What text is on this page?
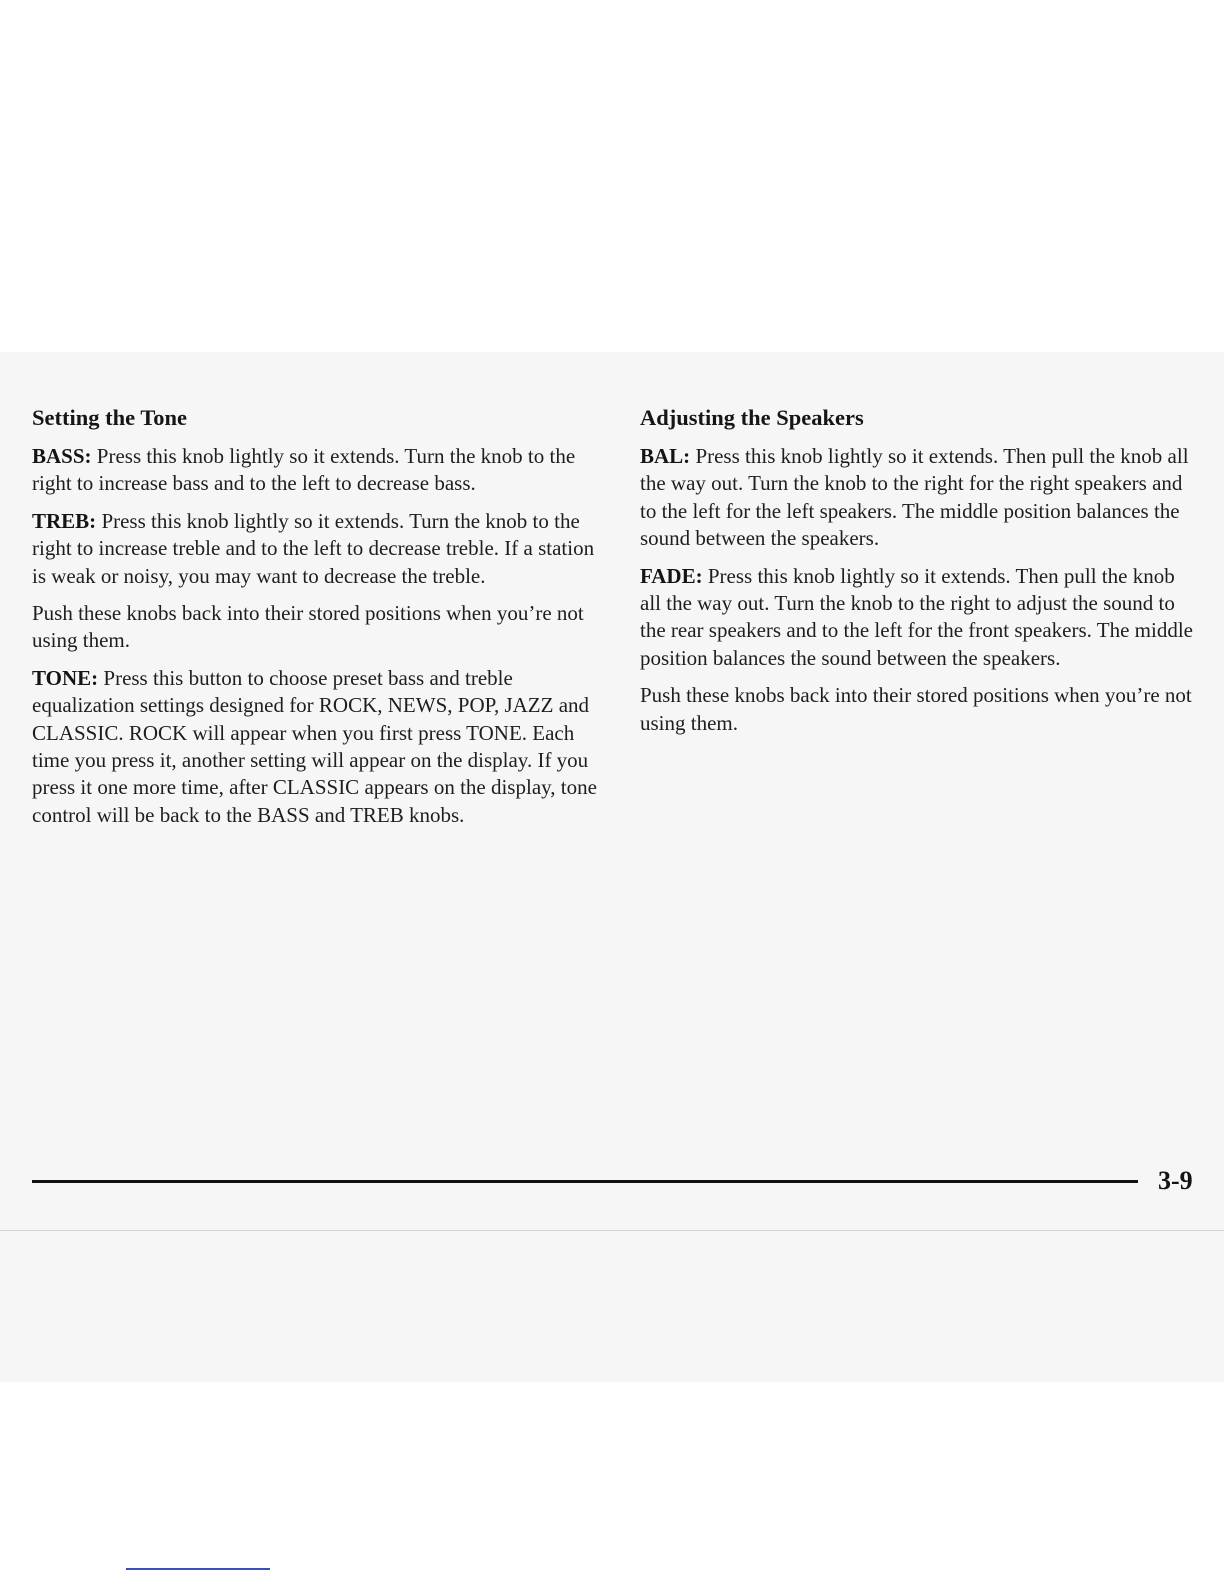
Setting the Tone

BASS: Press this knob lightly so it extends. Turn the knob to the right to increase bass and to the left to decrease bass.

TREB: Press this knob lightly so it extends. Turn the knob to the right to increase treble and to the left to decrease treble. If a station is weak or noisy, you may want to decrease the treble.

Push these knobs back into their stored positions when you’re not using them.

TONE: Press this button to choose preset bass and treble equalization settings designed for ROCK, NEWS, POP, JAZZ and CLASSIC. ROCK will appear when you first press TONE. Each time you press it, another setting will appear on the display. If you press it one more time, after CLASSIC appears on the display, tone control will be back to the BASS and TREB knobs.

Adjusting the Speakers

BAL: Press this knob lightly so it extends. Then pull the knob all the way out. Turn the knob to the right for the right speakers and to the left for the left speakers. The middle position balances the sound between the speakers.

FADE: Press this knob lightly so it extends. Then pull the knob all the way out. Turn the knob to the right to adjust the sound to the rear speakers and to the left for the front speakers. The middle position balances the sound between the speakers.

Push these knobs back into their stored positions when you’re not using them.

3-9
